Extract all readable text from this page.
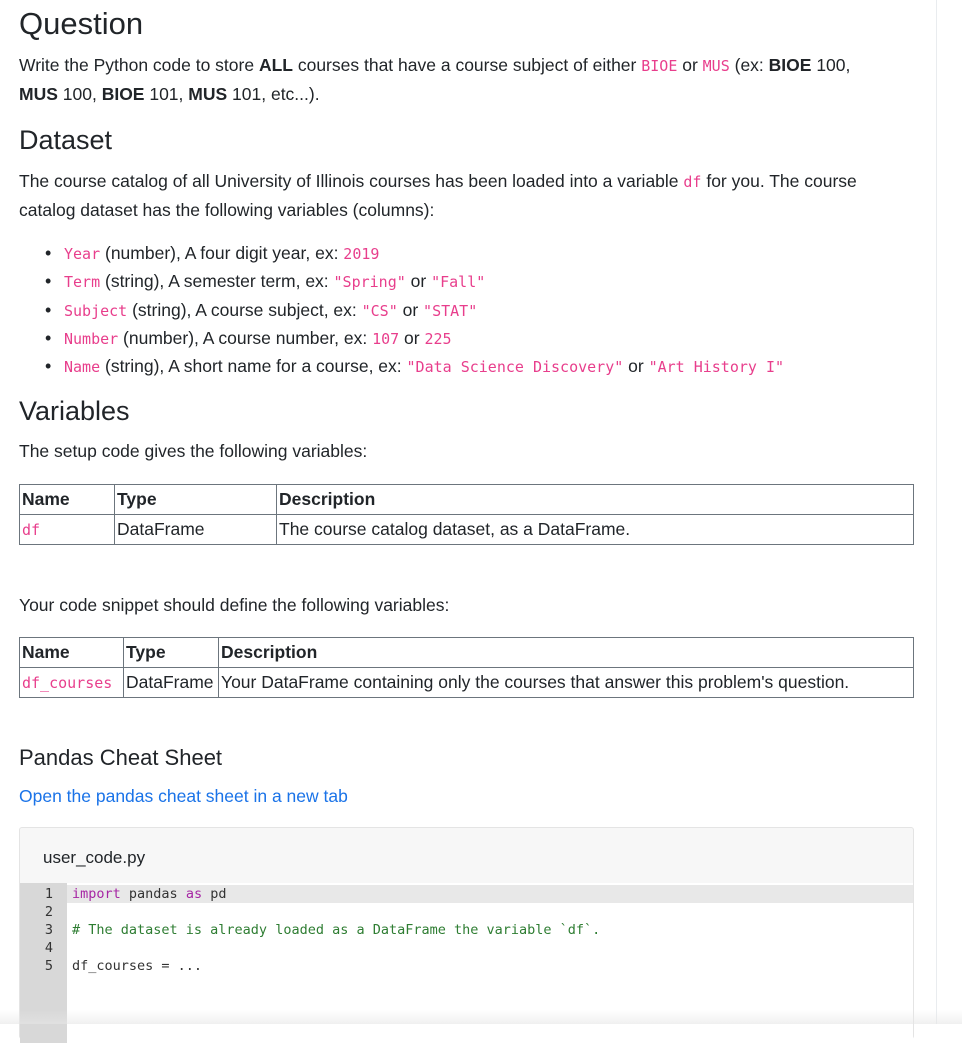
Question
Write the Python code to store ALL courses that have a course subject of either BIOE or MUS (ex: BIOE 100,
MUS 100, BIOE 101, MUS 101, etc...).
Dataset
The course catalog of all University of Illinois courses has been loaded into a variable df for you. The course catalog dataset has the following variables (columns):
• Year (number), A four digit year, ex: 2019
• Term (string), A semester term, ex: "Spring" or "Fall"
• Subject (string), A course subject, ex: "CS" or "STAT"
• Number (number), A course number, ex: 107 or 225
• Name (string), A short name for a course, ex: "Data Science Discovery" or "Art History I"
Variables
The setup code gives the following variables:
Name	Type	Description
df	DataFrame	The course catalog dataset, as a DataFrame.
Your code snippet should define the following variables:
Name	Type	Description
df_courses	DataFrame	Your DataFrame containing only the courses that answer this problem's question.
Pandas Cheat Sheet
Open the pandas cheat sheet in a new tab
user_code.py
1 import pandas as pd
2
3 # The dataset is already loaded as a DataFrame the variable `df`.
4
5 df_courses = ...
